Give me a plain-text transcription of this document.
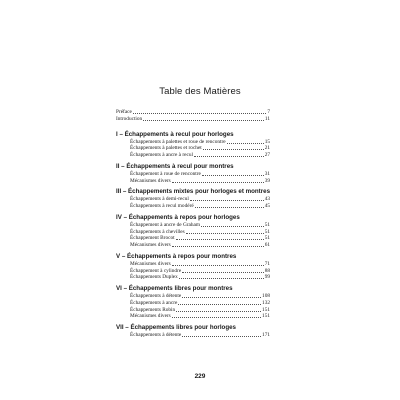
Table des Matières
Préface	7
Introduction	11
I – Échappements à recul pour horloges
Échappements à palettes et roue de rencontre	15
Échappements à palettes et rochet	21
Échappements à ancre à recul	27
II – Échappements à recul pour montres
Échappement à roue de rencontre	31
Mécanismes divers	39
III – Échappements mixtes pour horloges et montres
Échappements à demi-recul	43
Échappements à recul modéré	45
IV – Échappements à repos pour horloges
Échappement à ancre de Graham	51
Échappements à chevilles	51
Échappement Brocot	51
Mécanismes divers	61
V – Échappements à repos pour montres
Mécanismes divers	71
Échappement à cylindre	88
Échappements Duplex	99
VI – Échappements libres pour montres
Échappements à détente	108
Échappements à ancre	132
Échappements Robin	151
Mécanismes divers	151
VII – Échappements libres pour horloges
Échappements à détente	171
229
